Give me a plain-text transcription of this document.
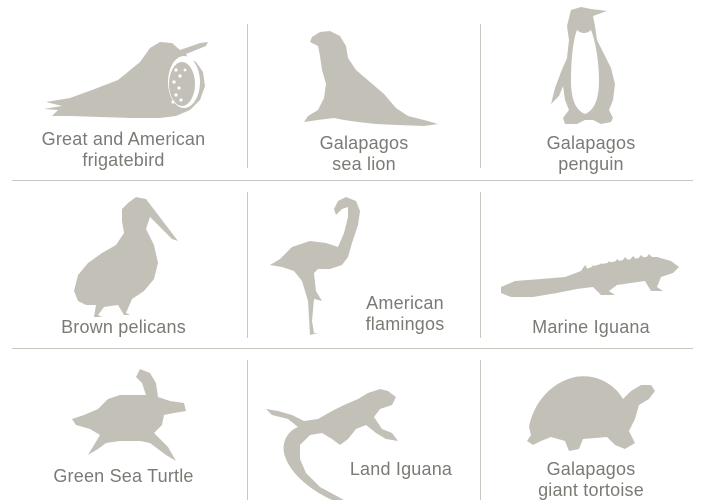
Great and American
frigatebird
Galapagos
sea lion
Galapagos
penguin
Brown pelicans
American
flamingos	Marine Iguana
Green Sea Turtle	Land Iguana	Galapagos
giant tortoise
